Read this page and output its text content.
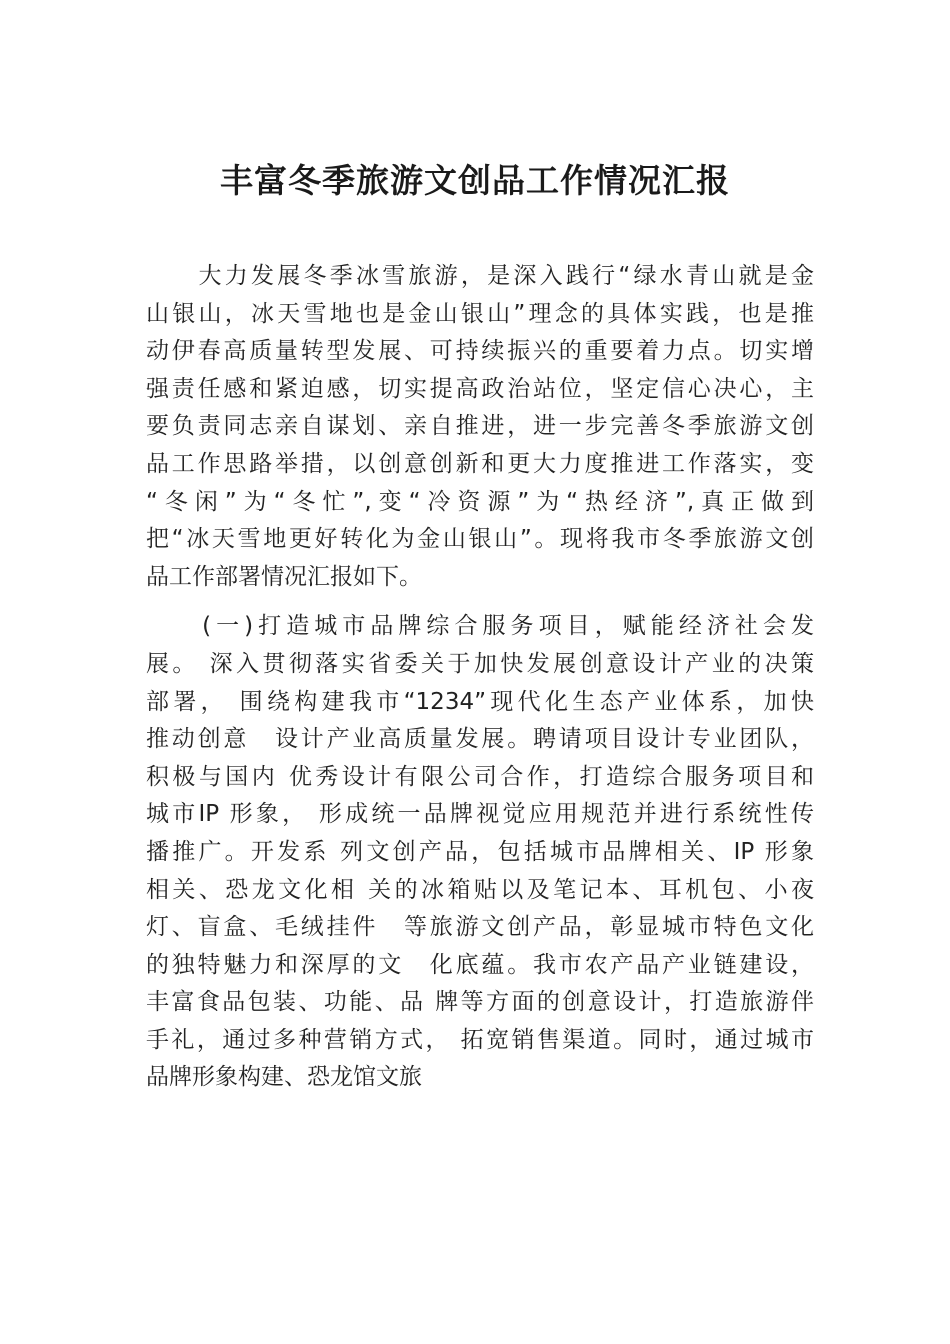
丰富冬季旅游文创品工作情况汇报

　　大力发展冬季冰雪旅游，是深入践行“绿水青山就是金
山银山，冰天雪地也是金山银山”理念的具体实践，也是推
动伊春高质量转型发展、可持续振兴的重要着力点。切实增
强责任感和紧迫感，切实提高政治站位，坚定信心决心，主
要负责同志亲自谋划、亲自推进，进一步完善冬季旅游文创
品工作思路举措，以创意创新和更大力度推进工作落实，变
“冬闲”为“冬忙”,变“冷资源”为“热经济”,真正做到
把“冰天雪地更好转化为金山银山”。现将我市冬季旅游文创
品工作部署情况汇报如下。

　　(一)打造城市品牌综合服务项目，赋能经济社会发
展。 深入贯彻落实省委关于加快发展创意设计产业的决策
部署， 围绕构建我市“1234”现代化生态产业体系，加快
推动创意　设计产业高质量发展。聘请项目设计专业团队，
积极与国内 优秀设计有限公司合作，打造综合服务项目和
城市IP 形象， 形成统一品牌视觉应用规范并进行系统性传
播推广。开发系 列文创产品，包括城市品牌相关、IP 形象
相关、恐龙文化相 关的冰箱贴以及笔记本、耳机包、小夜
灯、盲盒、毛绒挂件　等旅游文创产品，彰显城市特色文化
的独特魅力和深厚的文　化底蕴。我市农产品产业链建设，
丰富食品包装、功能、品 牌等方面的创意设计，打造旅游伴
手礼，通过多种营销方式， 拓宽销售渠道。同时，通过城市
品牌形象构建、恐龙馆文旅
